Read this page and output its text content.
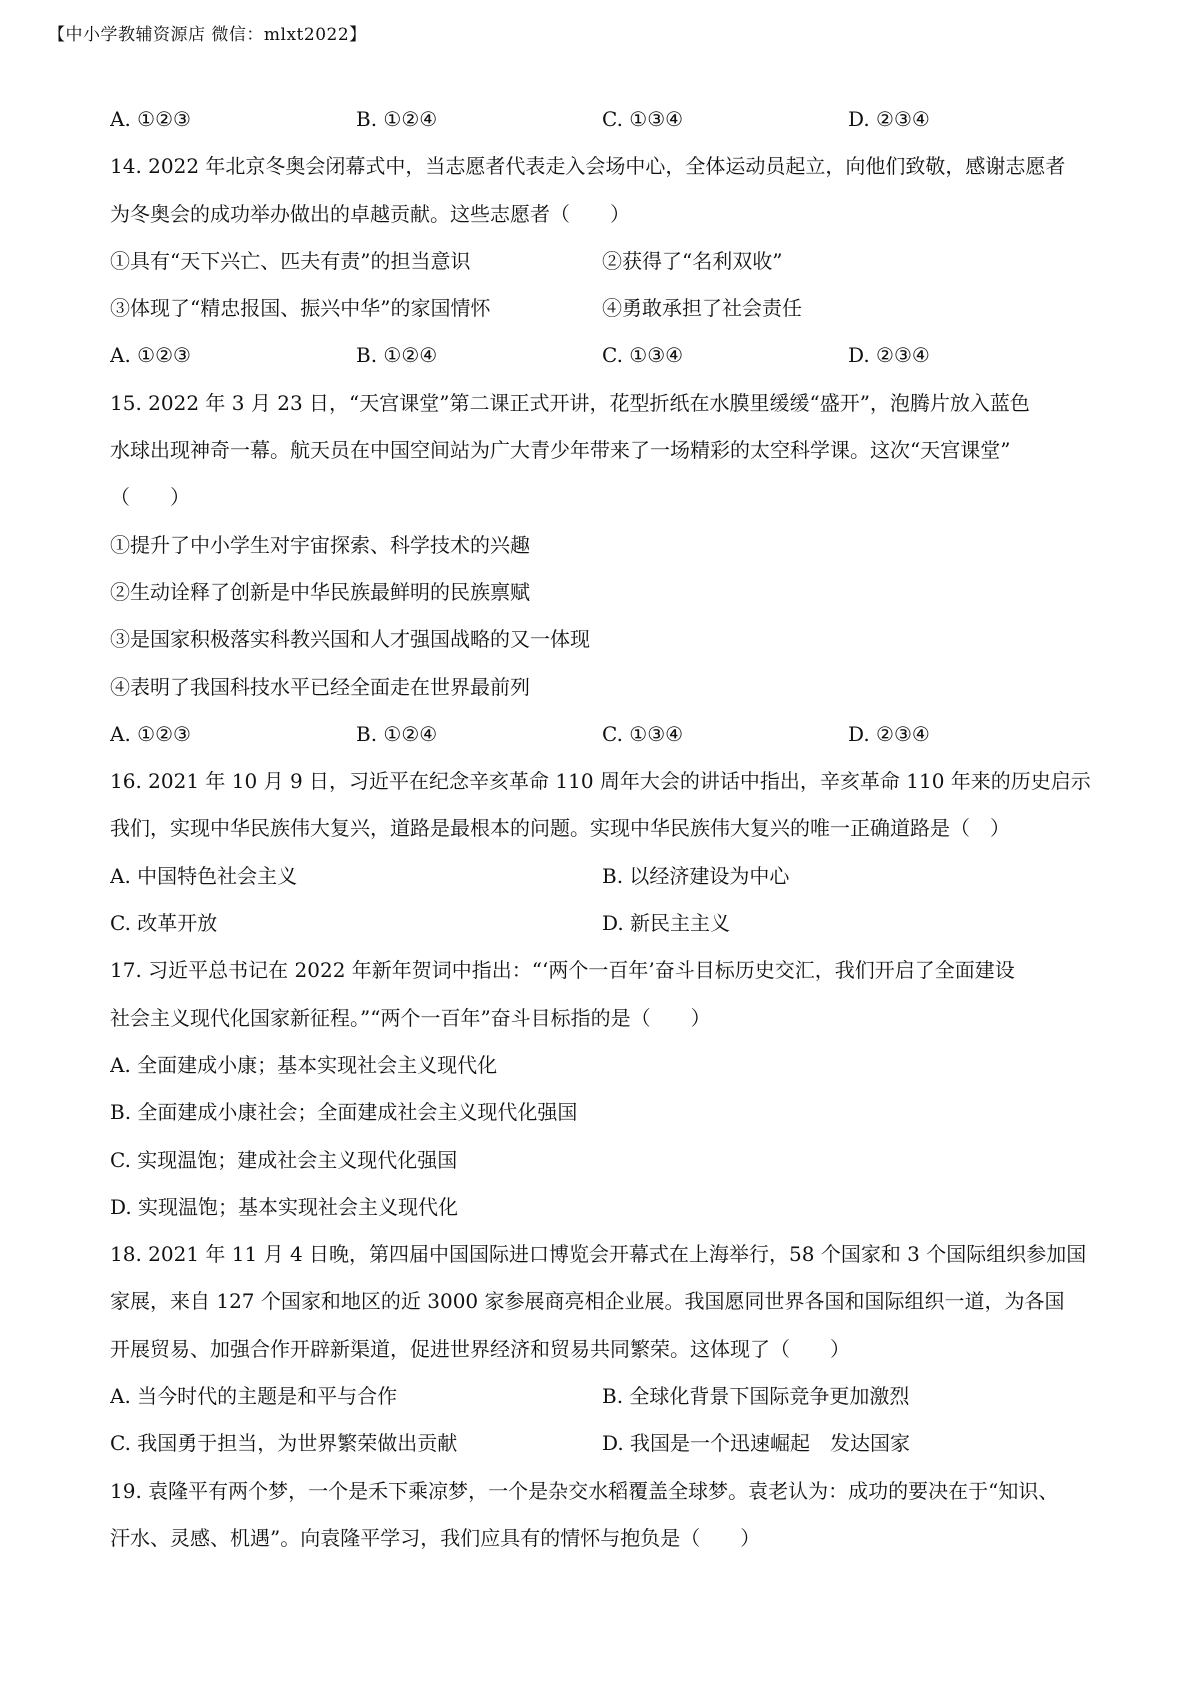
【中小学教辅资源店 微信：mlxt2022】
A. ①②③	B. ①②④	C. ①③④	D. ②③④
14. 2022 年北京冬奥会闭幕式中，当志愿者代表走入会场中心，全体运动员起立，向他们致敬，感谢志愿者
为冬奥会的成功举办做出的卓越贡献。这些志愿者（　　）
①具有“天下兴亡、匹夫有责”的担当意识	②获得了“名利双收”
③体现了“精忠报国、振兴中华”的家国情怀	④勇敢承担了社会责任
A. ①②③	B. ①②④	C. ①③④	D. ②③④
15. 2022 年 3 月 23 日，“天宫课堂”第二课正式开讲，花型折纸在水膜里缓缓“盛开”，泡腾片放入蓝色
水球出现神奇一幕。航天员在中国空间站为广大青少年带来了一场精彩的太空科学课。这次“天宫课堂”
（　　）
①提升了中小学生对宇宙探索、科学技术的兴趣
②生动诠释了创新是中华民族最鲜明的民族禀赋
③是国家积极落实科教兴国和人才强国战略的又一体现
④表明了我国科技水平已经全面走在世界最前列
A. ①②③	B. ①②④	C. ①③④	D. ②③④
16. 2021 年 10 月 9 日，习近平在纪念辛亥革命 110 周年大会的讲话中指出，辛亥革命 110 年来的历史启示
我们，实现中华民族伟大复兴，道路是最根本的问题。实现中华民族伟大复兴的唯一正确道路是（　）
A. 中国特色社会主义	B. 以经济建设为中心
C. 改革开放	D. 新民主主义
17. 习近平总书记在 2022 年新年贺词中指出：“‘两个一百年’奋斗目标历史交汇，我们开启了全面建设
社会主义现代化国家新征程。”“两个一百年”奋斗目标指的是（　　）
A. 全面建成小康；基本实现社会主义现代化
B. 全面建成小康社会；全面建成社会主义现代化强国
C. 实现温饱；建成社会主义现代化强国
D. 实现温饱；基本实现社会主义现代化
18. 2021 年 11 月 4 日晚，第四届中国国际进口博览会开幕式在上海举行，58 个国家和 3 个国际组织参加国
家展，来自 127 个国家和地区的近 3000 家参展商亮相企业展。我国愿同世界各国和国际组织一道，为各国
开展贸易、加强合作开辟新渠道，促进世界经济和贸易共同繁荣。这体现了（　　）
A. 当今时代的主题是和平与合作	B. 全球化背景下国际竞争更加激烈
C. 我国勇于担当，为世界繁荣做出贡献	D. 我国是一个迅速崛起　发达国家
19. 袁隆平有两个梦，一个是禾下乘凉梦，一个是杂交水稻覆盖全球梦。袁老认为：成功的要决在于“知识、
汗水、灵感、机遇”。向袁隆平学习，我们应具有的情怀与抱负是（　　）
